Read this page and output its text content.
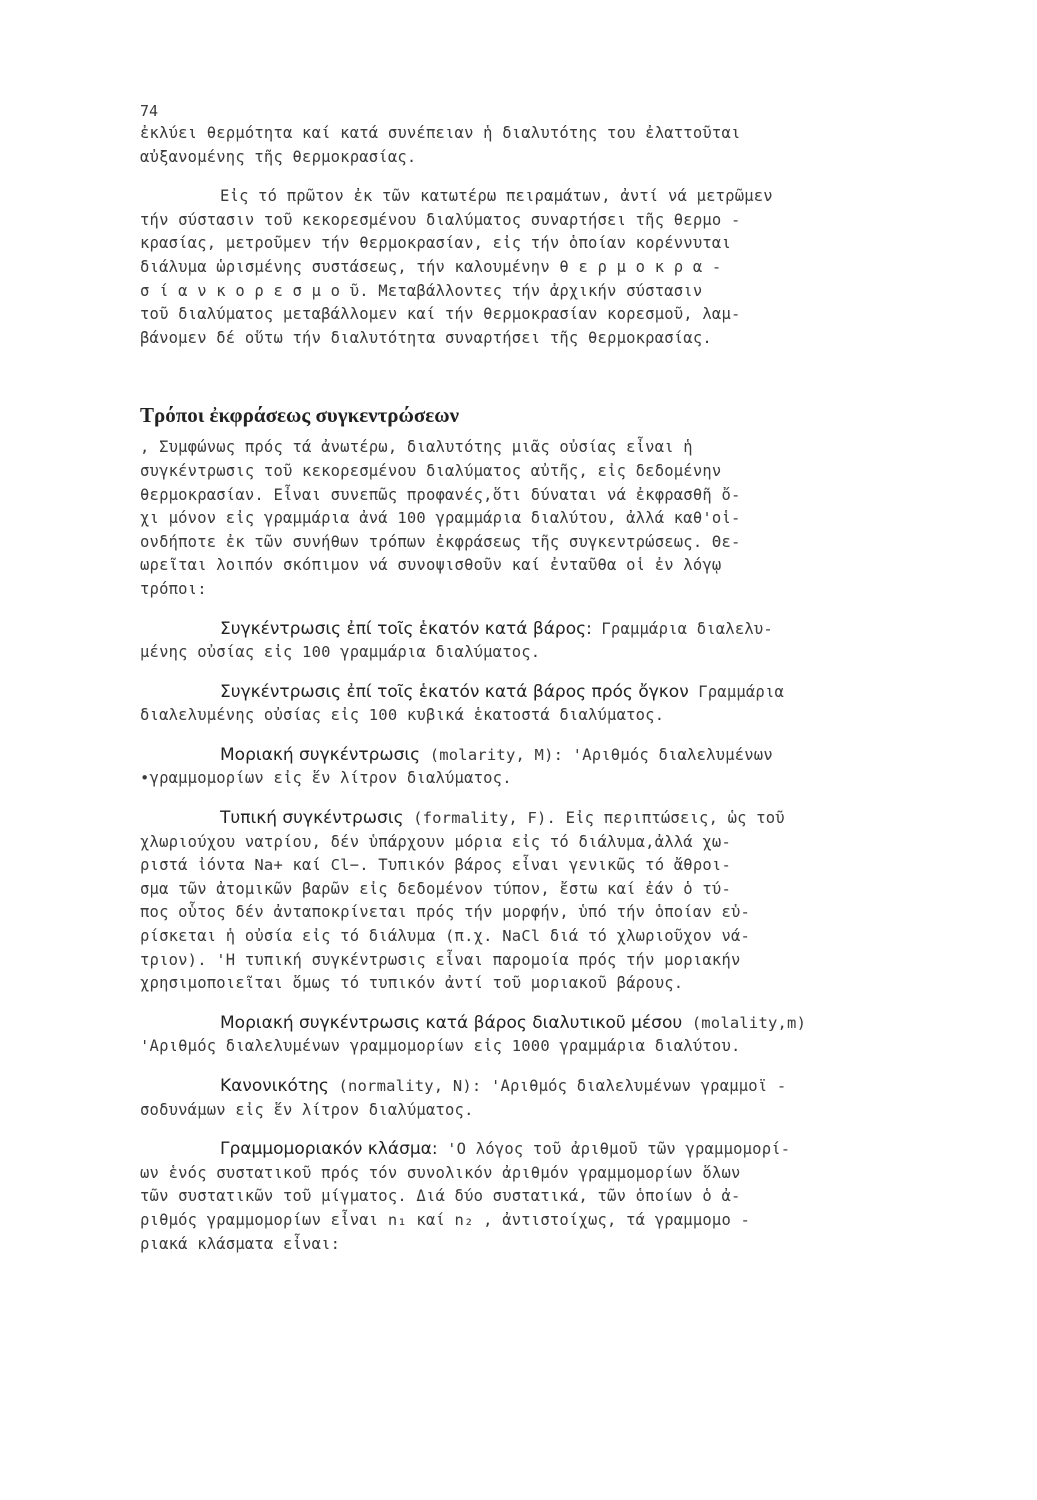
74

ἐκλύει θερμότητα καί κατά συνέπειαν ἡ διαλυτότης του ἐλαττοῦται

αὐξανομένης τῆς θερμοκρασίας.

Εἰς τό πρῶτον ἐκ τῶν κατωτέρω πειραμάτων, ἀντί νά μετρῶμεν

τήν σύστασιν τοῦ κεκορεσμένου διαλύματος συναρτήσει τῆς θερμο -

κρασίας, μετροῦμεν τήν θερμοκρασίαν, εἰς τήν ὁποίαν κορέννυται

διάλυμα ὡρισμένης συστάσεως, τήν καλουμένην θ ε ρ μ ο κ ρ α -

σ ί α ν κ ο ρ ε σ μ ο ῦ. Μεταβάλλοντες τήν ἀρχικήν σύστασιν

τοῦ διαλύματος μεταβάλλομεν καί τήν θερμοκρασίαν κορεσμοῦ, λαμ-

βάνομεν δέ οὕτω τήν διαλυτότητα συναρτήσει τῆς θερμοκρασίας.

Τρόποι ἐκφράσεως συγκεντρώσεων

, Συμφώνως πρός τά ἀνωτέρω, διαλυτότης μιᾶς οὐσίας εἶναι ἡ

συγκέντρωσις τοῦ κεκορεσμένου διαλύματος αὐτῆς, εἰς δεδομένην

θερμοκρασίαν. Εἶναι συνεπῶς προφανές,ὅτι δύναται νά ἐκφρασθῆ ὄ-

χι μόνον εἰς γραμμάρια ἀνά 100 γραμμάρια διαλύτου, ἀλλά καθ'οἱ-

ονδήποτε ἐκ τῶν συνήθων τρόπων ἐκφράσεως τῆς συγκεντρώσεως. Θε-

ωρεῖται λοιπόν σκόπιμον νά συνοψισθοῦν καί ἐνταῦθα οἱ ἐν λόγῳ

τρόποι:

Συγκέντρωσις ἐπί τοῖς ἑκατόν κατά βάρος: Γραμμάρια διαλελυ-

μένης οὐσίας εἰς 100 γραμμάρια διαλύματος.

Συγκέντρωσις ἐπί τοῖς ἑκατόν κατά βάρος πρός ὄγκον Γραμμάρια

διαλελυμένης οὐσίας εἰς 100 κυβικά ἑκατοστά διαλύματος.

Μοριακή συγκέντρωσις (molarity, M): 'Αριθμός διαλελυμένων

•γραμμομορίων εἰς ἕν λίτρον διαλύματος.

Τυπική συγκέντρωσις (formality, F). Εἰς περιπτώσεις, ὡς τοῦ

χλωριούχου νατρίου, δέν ὑπάρχουν μόρια εἰς τό διάλυμα,ἀλλά χω-

ριστά ἰόντα Na+ καί Cl−. Τυπικόν βάρος εἶναι γενικῶς τό ἄθροι-

σμα τῶν ἀτομικῶν βαρῶν εἰς δεδομένον τύπον, ἔστω καί ἐάν ὁ τύ-

πος οὗτος δέν ἀνταποκρίνεται πρός τήν μορφήν, ὑπό τήν ὁποίαν εὑ-

ρίσκεται ἡ οὐσία εἰς τό διάλυμα (π.χ. NaCl διά τό χλωριοῦχον νά-

τριον). 'Η τυπική συγκέντρωσις εἶναι παρομοία πρός τήν μοριακήν

χρησιμοποιεῖται ὅμως τό τυπικόν ἀντί τοῦ μοριακοῦ βάρους.

Μοριακή συγκέντρωσις κατά βάρος διαλυτικοῦ μέσου (molality,m)

'Αριθμός διαλελυμένων γραμμομορίων εἰς 1000 γραμμάρια διαλύτου.

Κανονικότης (normality, N): 'Αριθμός διαλελυμένων γραμμοϊ -

σοδυνάμων εἰς ἕν λίτρον διαλύματος.

Γραμμομοριακόν κλάσμα: 'Ο λόγος τοῦ ἀριθμοῦ τῶν γραμμομορί-

ων ἑνός συστατικοῦ πρός τόν συνολικόν ἀριθμόν γραμμομορίων ὅλων

τῶν συστατικῶν τοῦ μίγματος. Διά δύο συστατικά, τῶν ὁποίων ὁ ἀ-

ριθμός γραμμομορίων εἶναι n₁ καί n₂ , ἀντιστοίχως, τά γραμμομο -

ριακά κλάσματα εἶναι:
